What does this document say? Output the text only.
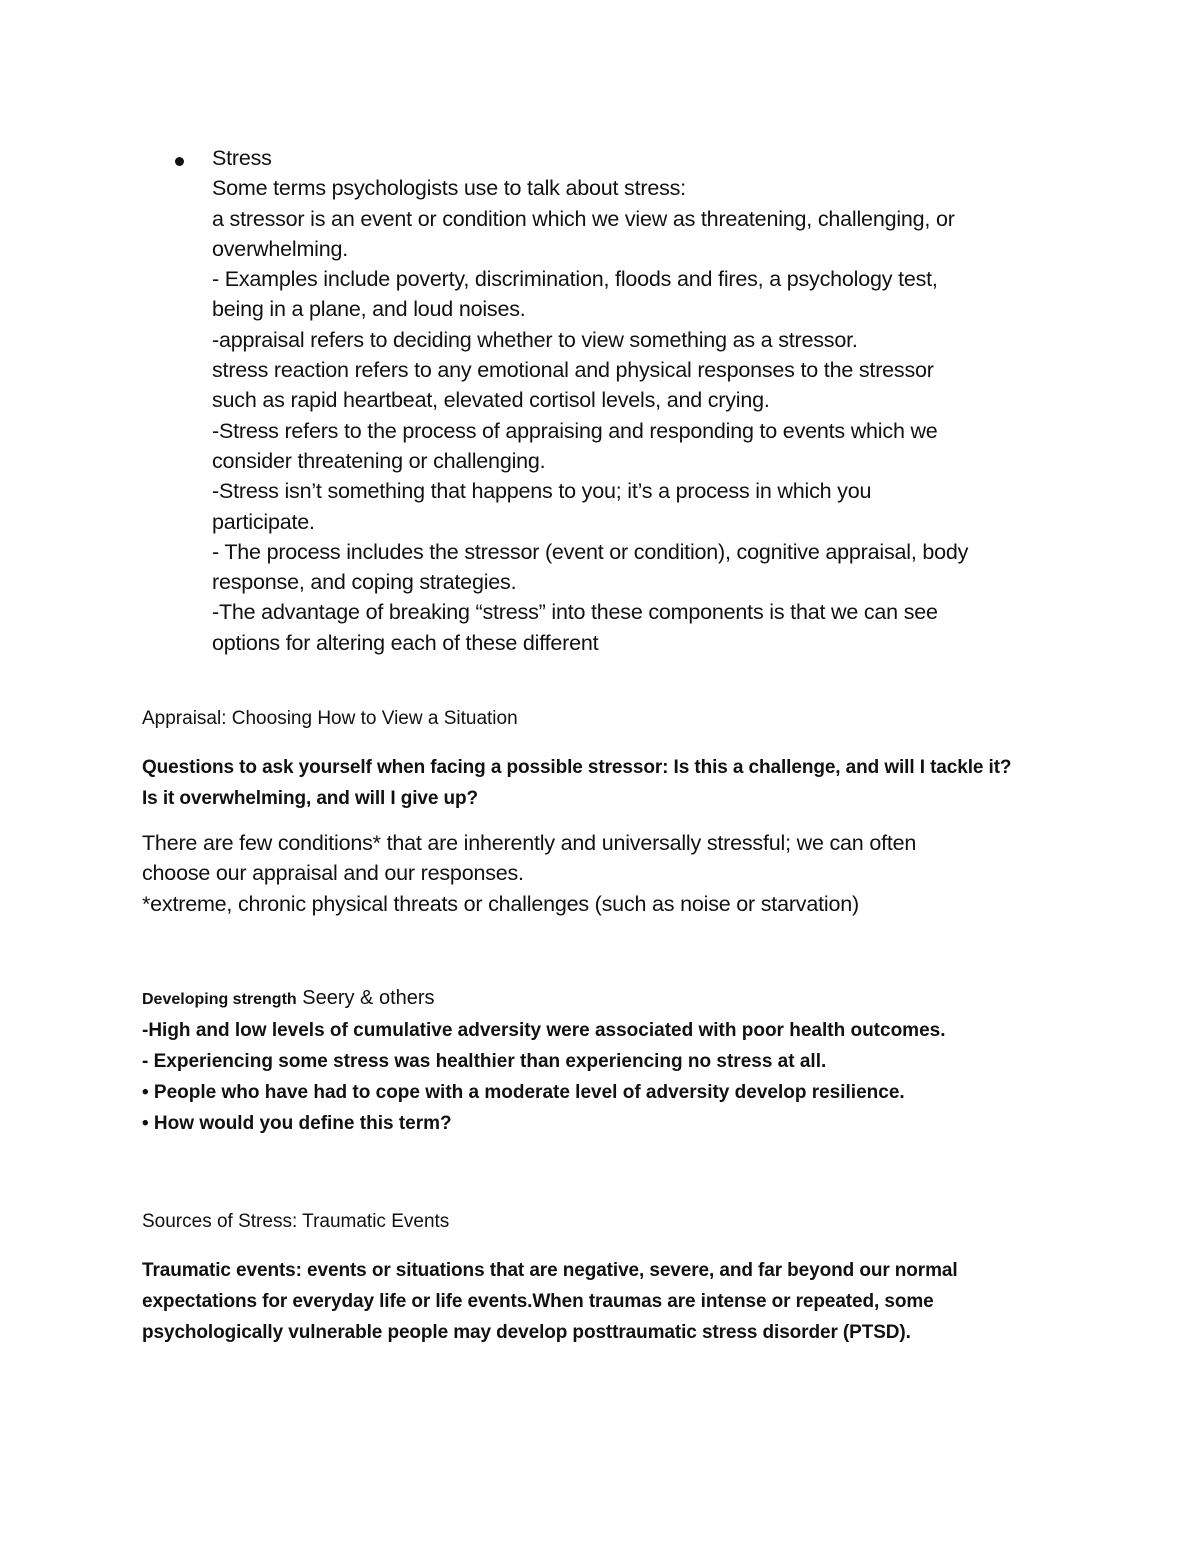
Stress
Some terms psychologists use to talk about stress:
a stressor is an event or condition which we view as threatening, challenging, or
overwhelming.
- Examples include poverty, discrimination, floods and fires, a psychology test,
being in a plane, and loud noises.
-appraisal refers to deciding whether to view something as a stressor.
stress reaction refers to any emotional and physical responses to the stressor
such as rapid heartbeat, elevated cortisol levels, and crying.
-Stress refers to the process of appraising and responding to events which we
consider threatening or challenging.
-Stress isn’t something that happens to you; it’s a process in which you
participate.
- The process includes the stressor (event or condition), cognitive appraisal, body
response, and coping strategies.
-The advantage of breaking “stress” into these components is that we can see
options for altering each of these different
Appraisal: Choosing How to View a Situation
Questions to ask yourself when facing a possible stressor: Is this a challenge, and will I tackle it?
Is it overwhelming, and will I give up?
There are few conditions* that are inherently and universally stressful; we can often
choose our appraisal and our responses.
*extreme, chronic physical threats or challenges (such as noise or starvation)
Developing strength Seery & others
-High and low levels of cumulative adversity were associated with poor health outcomes.
- Experiencing some stress was healthier than experiencing no stress at all.
• People who have had to cope with a moderate level of adversity develop resilience.
• How would you define this term?
Sources of Stress: Traumatic Events
Traumatic events: events or situations that are negative, severe, and far beyond our normal
expectations for everyday life or life events.When traumas are intense or repeated, some
psychologically vulnerable people may develop posttraumatic stress disorder (PTSD).
